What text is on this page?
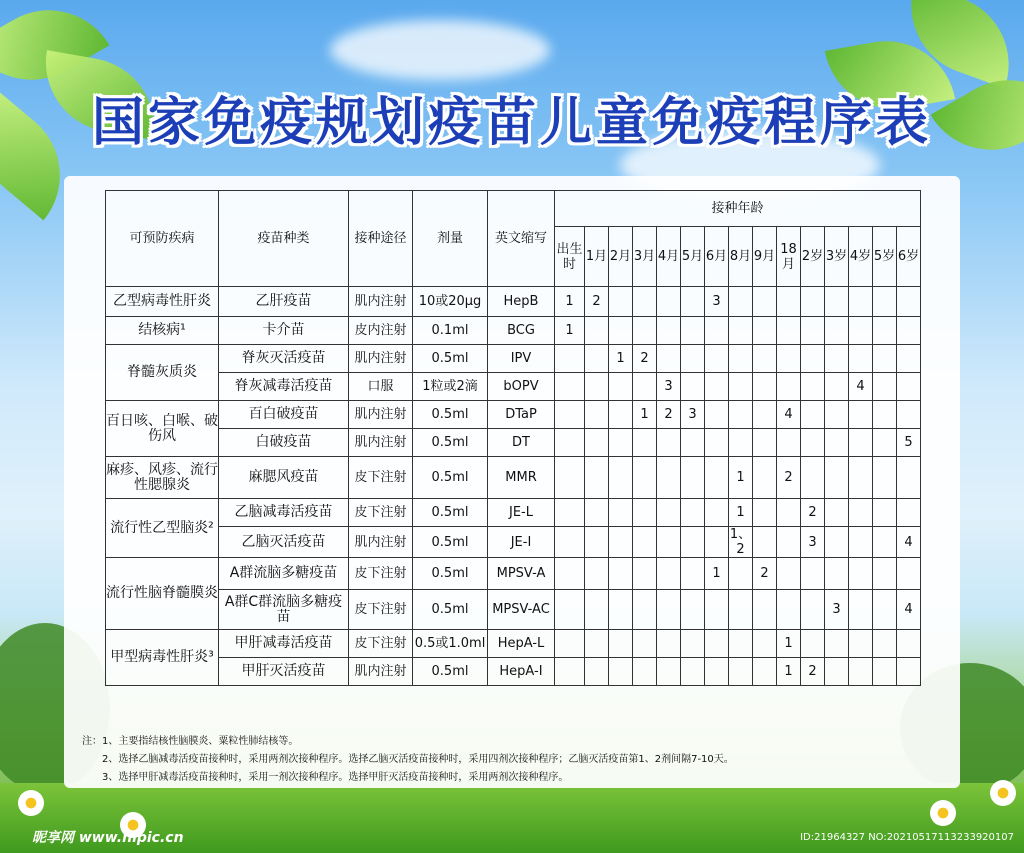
国家免疫规划疫苗儿童免疫程序表
可预防疾病	疫苗种类	接种途径	剂量	英文缩写	接种年龄														
					出生时	1月	2月	3月	4月	5月	6月	8月	9月	18月	2岁	3岁	4岁	5岁	6岁
乙型病毒性肝炎	乙肝疫苗	肌内注射	10或20μg	HepB	1	2					3								
结核病¹	卡介苗	皮内注射	0.1ml	BCG	1														
脊髓灰质炎	脊灰灭活疫苗	肌内注射	0.5ml	IPV			1	2											
	脊灰减毒活疫苗	口服	1粒或2滴	bOPV					3								4		
百日咳、白喉、破伤风	百白破疫苗	肌内注射	0.5ml	DTaP				1	2	3				4					
	白破疫苗	肌内注射	0.5ml	DT															5
麻疹、风疹、流行性腮腺炎	麻腮风疫苗	皮下注射	0.5ml	MMR								1		2					
流行性乙型脑炎²	乙脑减毒活疫苗	皮下注射	0.5ml	JE-L								1			2				
	乙脑灭活疫苗	肌内注射	0.5ml	JE-I								1、2			3				4
流行性脑脊髓膜炎	A群流脑多糖疫苗	皮下注射	0.5ml	MPSV-A							1		2						
	A群C群流脑多糖疫苗	皮下注射	0.5ml	MPSV-AC												3			4
甲型病毒性肝炎³	甲肝减毒活疫苗	皮下注射	0.5或1.0ml	HepA-L										1					
	甲肝灭活疫苗	肌内注射	0.5ml	HepA-I										1	2				
注：1、主要指结核性脑膜炎、粟粒性肺结核等。
2、选择乙脑减毒活疫苗接种时，采用两剂次接种程序。选择乙脑灭活疫苗接种时，采用四剂次接种程序；乙脑灭活疫苗第1、2剂间隔7-10天。
3、选择甲肝减毒活疫苗接种时，采用一剂次接种程序。选择甲肝灭活疫苗接种时，采用两剂次接种程序。
昵享网 www.nipic.cn	ID:21964327 NO:20210517113233920107
